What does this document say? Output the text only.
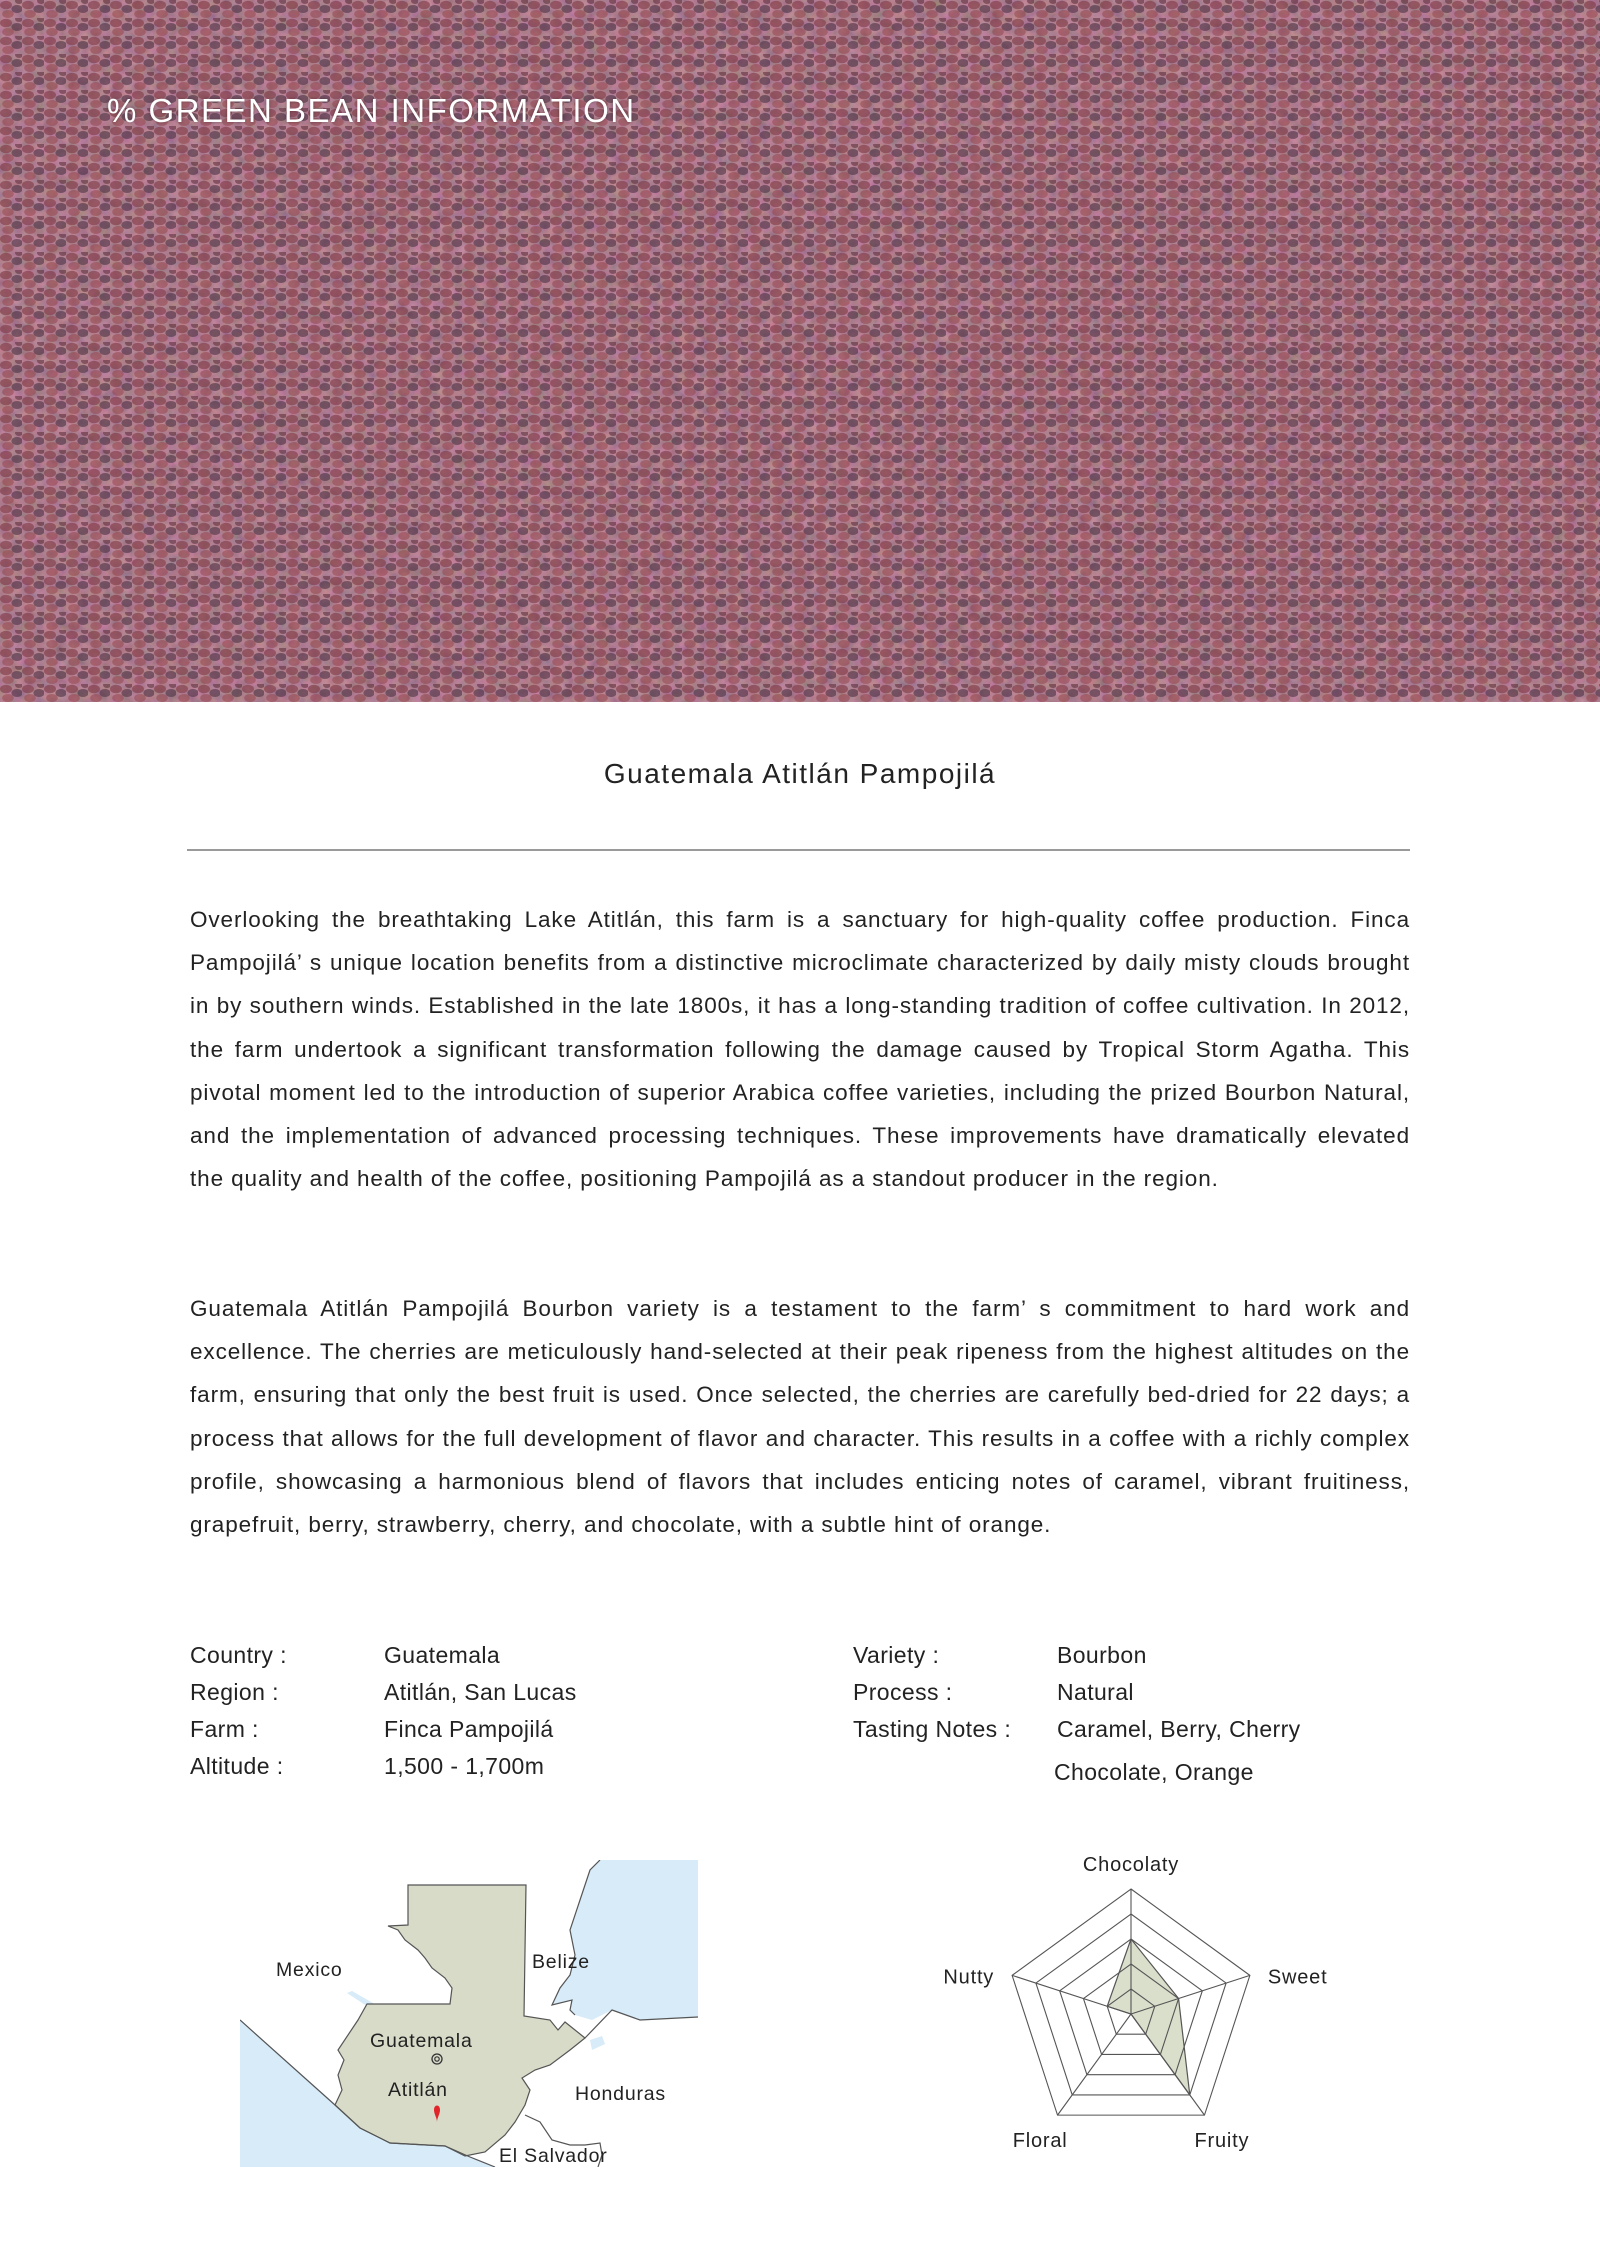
% GREEN BEAN INFORMATION
Guatemala Atitlán Pampojilá

Overlooking the breathtaking Lake Atitlán, this farm is a sanctuary for high-quality coffee production. Finca Pampojilá’ s unique location benefits from a distinctive microclimate characterized by daily misty clouds brought in by southern winds. Established in the late 1800s, it has a long-standing tradition of coffee cultivation. In 2012, the farm undertook a significant transformation following the damage caused by Tropical Storm Agatha. This pivotal moment led to the introduction of superior Arabica coffee varieties, including the prized Bourbon Natural, and the implementation of advanced processing techniques. These improvements have dramatically elevated the quality and health of the coffee, positioning Pampojilá as a standout producer in the region.

Guatemala Atitlán Pampojilá Bourbon variety is a testament to the farm’ s commitment to hard work and excellence. The cherries are meticulously hand-selected at their peak ripeness from the highest altitudes on the farm, ensuring that only the best fruit is used. Once selected, the cherries are carefully bed-dried for 22 days; a process that allows for the full development of flavor and character. This results in a coffee with a richly complex profile, showcasing a harmonious blend of flavors that includes enticing notes of caramel, vibrant fruitiness, grapefruit, berry, strawberry, cherry, and chocolate, with a subtle hint of orange.

Country :	Guatemala
Region :	Atitlán, San Lucas
Farm :	Finca Pampojilá
Altitude :	1,500 - 1,700m
Variety :	Bourbon
Process :	Natural
Tasting Notes : Caramel, Berry, Cherry
Chocolate, Orange
Mexico	Belize
Guatemala
Atitlán	Honduras
El Salvador
Chocolaty
Sweet
Fruity
Floral
Nutty
